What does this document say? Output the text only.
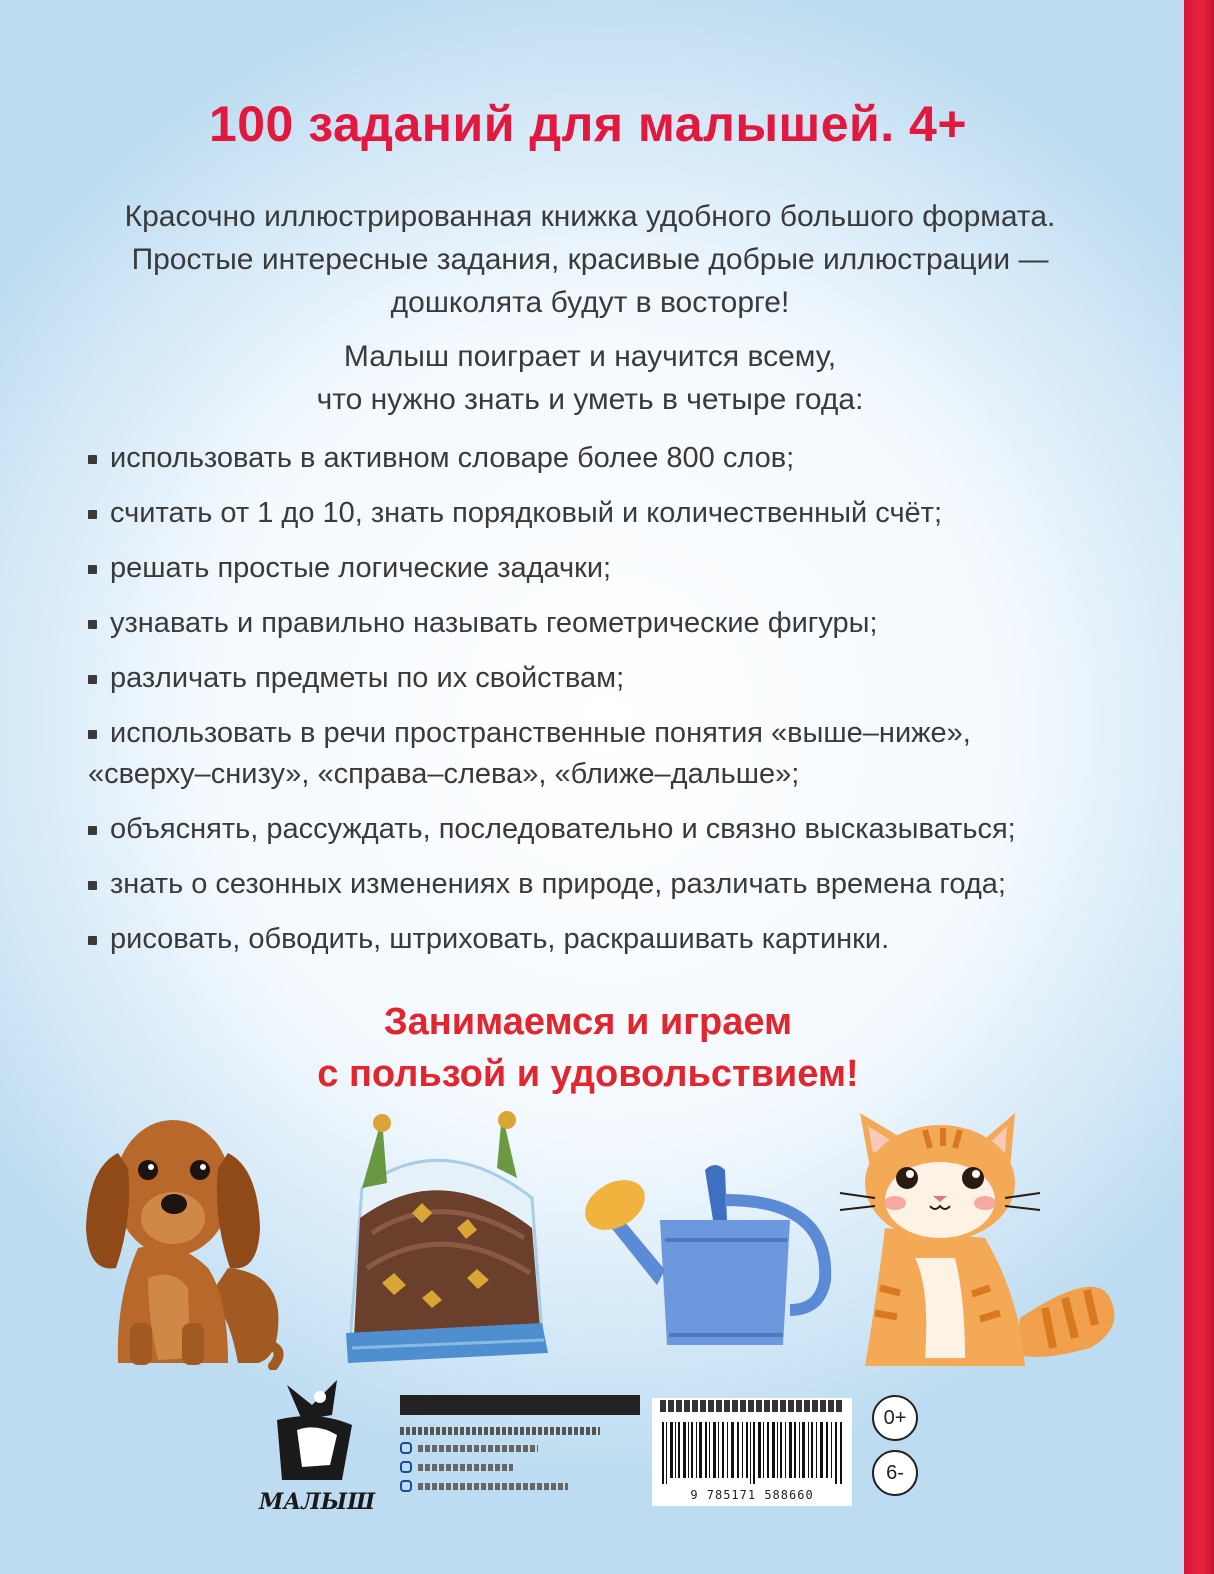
100 заданий для малышей. 4+
Красочно иллюстрированная книжка удобного большого формата.
Простые интересные задания, красивые добрые иллюстрации —
дошколята будут в восторге!
Малыш поиграет и научится всему,
что нужно знать и уметь в четыре года:
использовать в активном словаре более 800 слов;
считать от 1 до 10, знать порядковый и количественный счёт;
решать простые логические задачки;
узнавать и правильно называть геометрические фигуры;
различать предметы по их свойствам;
использовать в речи пространственные понятия «выше–ниже»,
«сверху–снизу», «справа–слева», «ближе–дальше»;
объяснять, рассуждать, последовательно и связно высказываться;
знать о сезонных изменениях в природе, различать времена года;
рисовать, обводить, штриховать, раскрашивать картинки.
Занимаемся и играем
с пользой и удовольствием!
МАЛЫШ	9 785171 588660
0+
6-
